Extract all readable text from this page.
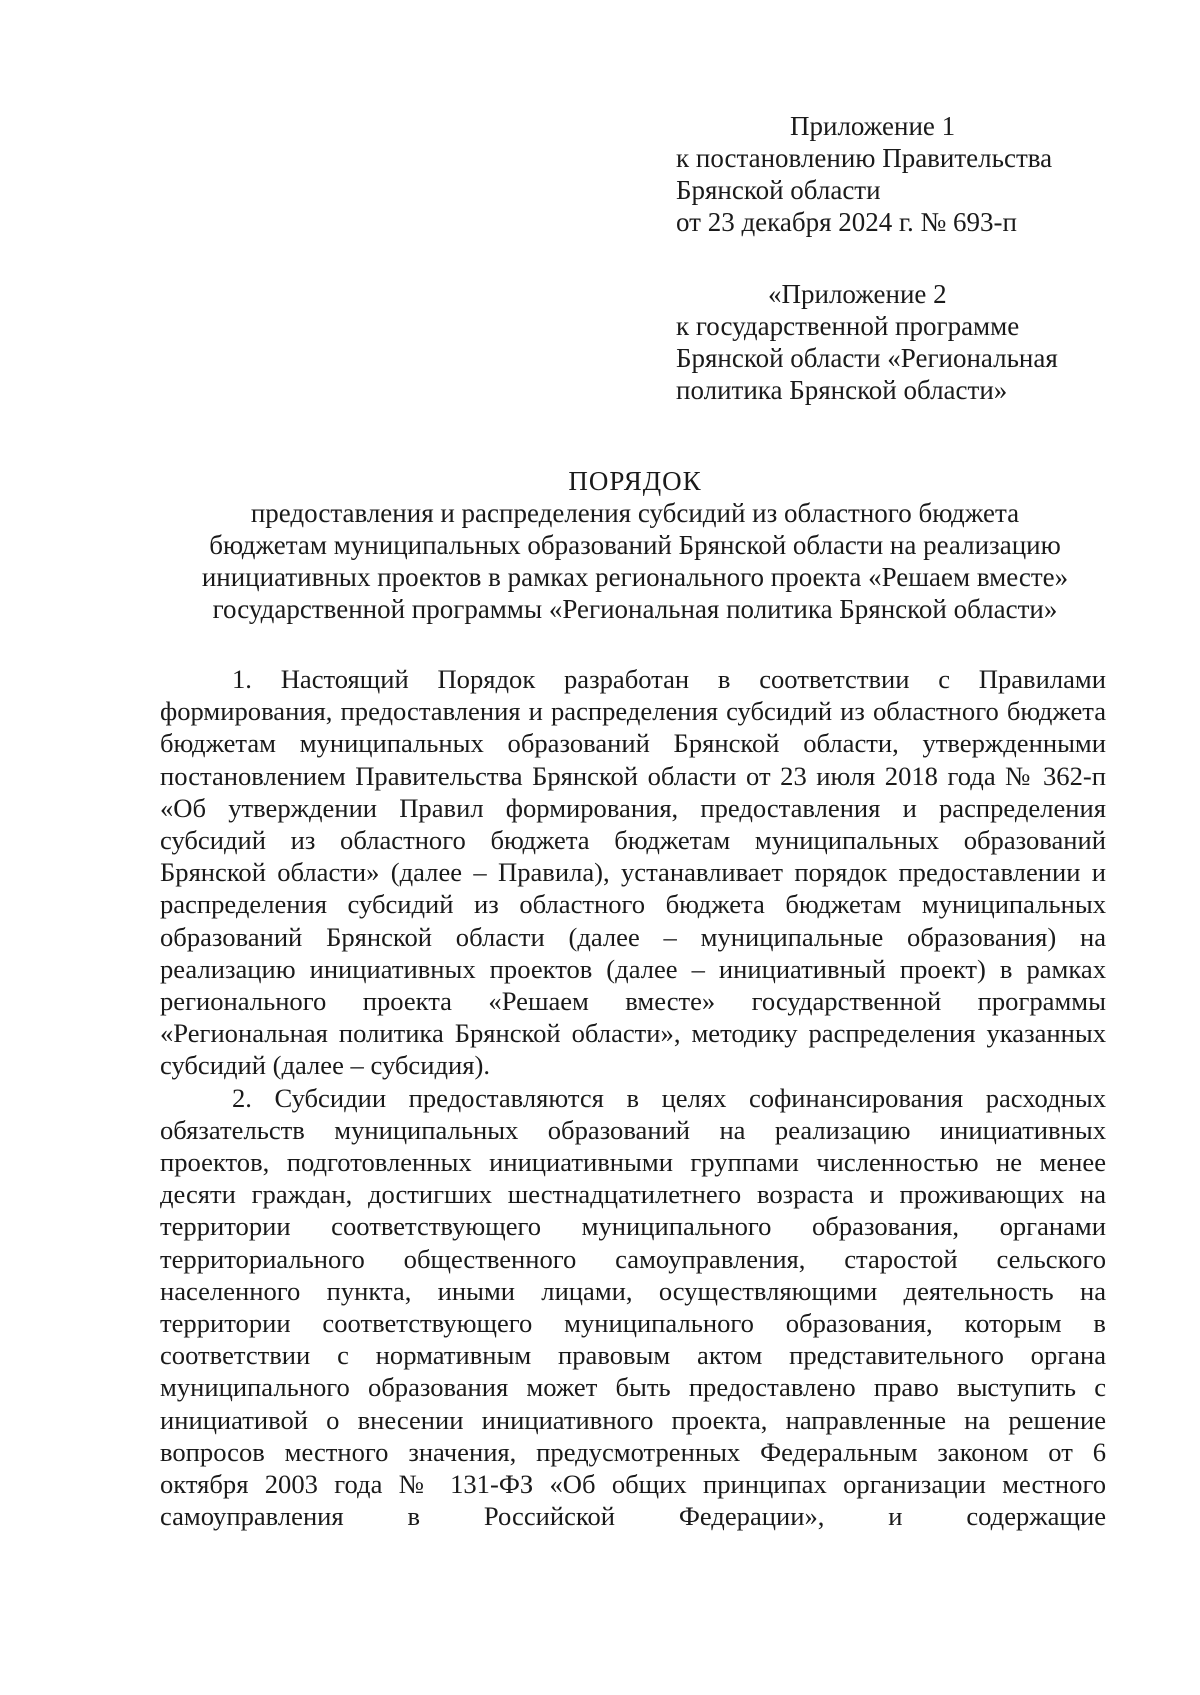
Приложение 1
к постановлению Правительства
Брянской области
от 23 декабря 2024 г. № 693-п
«Приложение 2
к государственной программе
Брянской области «Региональная
политика Брянской области»
ПОРЯДОК
предоставления и распределения субсидий из областного бюджета
бюджетам муниципальных образований Брянской области на реализацию
инициативных проектов в рамках регионального проекта «Решаем вместе»
государственной программы «Региональная политика Брянской области»

1. Настоящий Порядок разработан в соответствии с Правилами формирования, предоставления и распределения субсидий из областного бюджета бюджетам муниципальных образований Брянской области, утвержденными постановлением Правительства Брянской области от 23 июля 2018 года № 362-п «Об утверждении Правил формирования, предоставления и распределения субсидий из областного бюджета бюджетам муниципальных образований Брянской области» (далее – Правила), устанавливает порядок предоставлении и распределения субсидий из областного бюджета бюджетам муниципальных образований Брянской области (далее – муниципальные образования) на реализацию инициативных проектов (далее – инициативный проект) в рамках регионального проекта «Решаем вместе» государственной программы «Региональная политика Брянской области», методику распределения указанных субсидий (далее – субсидия).

2. Субсидии предоставляются в целях софинансирования расходных обязательств муниципальных образований на реализацию инициативных проектов, подготовленных инициативными группами численностью не менее десяти граждан, достигших шестнадцатилетнего возраста и проживающих на территории соответствующего муниципального образования, органами территориального общественного самоуправления, старостой сельского населенного пункта, иными лицами, осуществляющими деятельность на территории соответствующего муниципального образования, которым в соответствии с нормативным правовым актом представительного органа муниципального образования может быть предоставлено право выступить с инициативой о внесении инициативного проекта, направленные на решение вопросов местного значения, предусмотренных Федеральным законом от 6 октября 2003 года № 131-ФЗ «Об общих принципах организации местного самоуправления в Российской Федерации», и содержащие
